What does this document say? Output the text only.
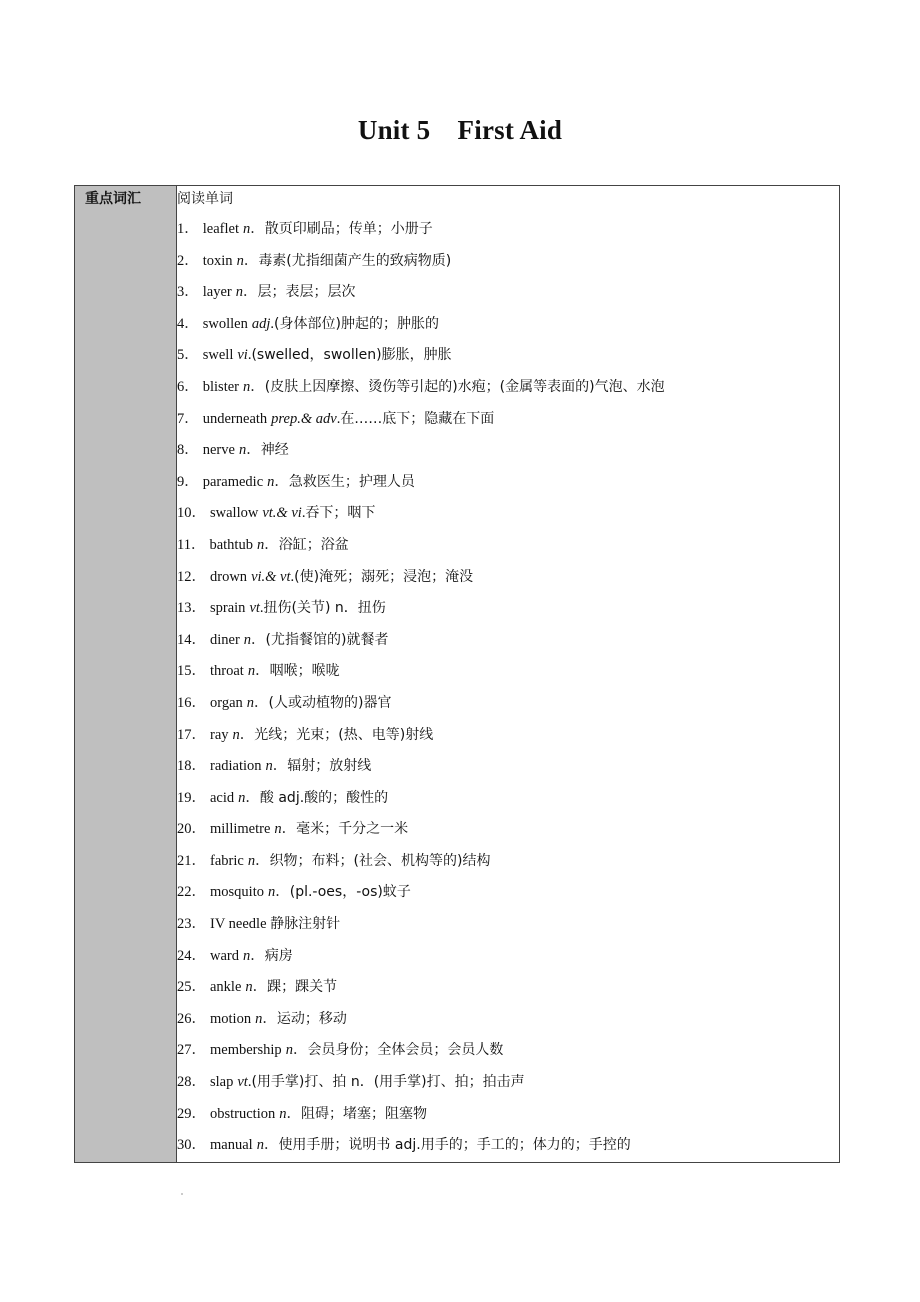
Unit 5　First Aid
重点词汇	阅读单词
1． leaflet n．散页印刷品；传单；小册子
2． toxin n．毒素(尤指细菌产生的致病物质)
3． layer n．层；表层；层次
4． swollen adj.(身体部位)肿起的；肿胀的
5． swell vi.(swelled，swollen)膨胀，肿胀
6． blister n．(皮肤上因摩擦、烫伤等引起的)水疱；(金属等表面的)气泡、水泡
7． underneath prep.& adv.在……底下；隐藏在下面
8． nerve n．神经
9． paramedic n．急救医生；护理人员
10． swallow vt.& vi.吞下；咽下
11． bathtub n．浴缸；浴盆
12． drown vi.& vt.(使)淹死；溺死；浸泡；淹没
13． sprain vt.扭伤(关节) n．扭伤
14． diner n．(尤指餐馆的)就餐者
15． throat n．咽喉；喉咙
16． organ n．(人或动植物的)器官
17． ray n．光线；光束；(热、电等)射线
18． radiation n．辐射；放射线
19． acid n．酸 adj.酸的；酸性的
20． millimetre n．毫米；千分之一米
21． fabric n．织物；布料；(社会、机构等的)结构
22． mosquito n．(pl.-oes，-os)蚊子
23． IV needle 静脉注射针
24． ward n．病房
25． ankle n．踝；踝关节
26． motion n．运动；移动
27． membership n．会员身份；全体会员；会员人数
28． slap vt.(用手掌)打、拍 n．(用手掌)打、拍；拍击声
29． obstruction n．阻碍；堵塞；阻塞物
30． manual n．使用手册；说明书 adj.用手的；手工的；体力的；手控的
